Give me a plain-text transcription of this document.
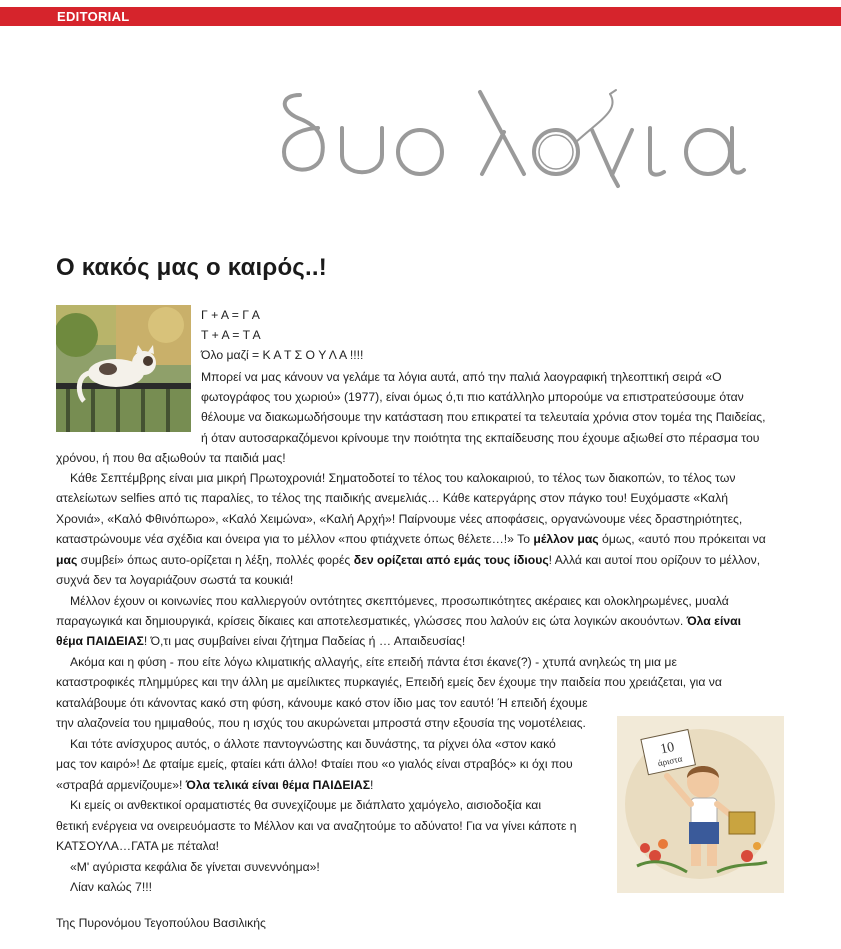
EDITORIAL
δυο λόγια
Ο κακός μας ο καιρός..!
10
άριστα

Γ + Α = Γ Α

Τ + Α = Τ Α

Όλο μαζί = Κ Α Τ Σ Ο Υ Λ Α !!!!

Μπορεί να μας κάνουν να γελάμε τα λόγια αυτά, από την παλιά λαογραφική τηλεοπτική σειρά «Ο

φωτογράφος του χωριού» (1977), είναι όμως ό,τι πιο κατάλληλο μπορούμε να επιστρατεύσουμε όταν

θέλουμε να διακωμωδήσουμε την κατάσταση που επικρατεί τα τελευταία χρόνια στον τομέα της Παιδείας,

ή όταν αυτοσαρκαζόμενοι κρίνουμε την ποιότητα της εκπαίδευσης που έχουμε αξιωθεί στο πέρασμα του

χρόνου, ή που θα αξιωθούν τα παιδιά μας!

Κάθε Σεπτέμβρης είναι μια μικρή Πρωτοχρονιά! Σηματοδοτεί το τέλος του καλοκαιριού, το τέλος των διακοπών, το τέλος των

ατελείωτων selfies από τις παραλίες, το τέλος της παιδικής ανεμελιάς… Κάθε κατεργάρης στον πάγκο του! Ευχόμαστε «Καλή

Χρονιά», «Καλό Φθινόπωρο», «Καλό Χειμώνα», «Καλή Αρχή»! Παίρνουμε νέες αποφάσεις, οργανώνουμε νέες δραστηριότητες,

καταστρώνουμε νέα σχέδια και όνειρα για το μέλλον «που φτιάχνετε όπως θέλετε…!» Το μέλλον μας όμως, «αυτό που πρόκειται να

μας συμβεί» όπως αυτο-ορίζεται η λέξη, πολλές φορές δεν ορίζεται από εμάς τους ίδιους! Αλλά και αυτοί που ορίζουν το μέλλον,

συχνά δεν τα λογαριάζουν σωστά τα κουκιά!

Μέλλον έχουν οι κοινωνίες που καλλιεργούν οντότητες σκεπτόμενες, προσωπικότητες ακέραιες και ολοκληρωμένες, μυαλά

παραγωγικά και δημιουργικά, κρίσεις δίκαιες και αποτελεσματικές, γλώσσες που λαλούν εις ώτα λογικών ακουόντων. Όλα είναι

θέμα ΠΑΙΔΕΙΑΣ! Ό,τι μας συμβαίνει είναι ζήτημα Παδείας ή … Απαιδευσίας!

Ακόμα και η φύση - που είτε λόγω κλιματικής αλλαγής, είτε επειδή πάντα έτσι έκανε(?) - χτυπά ανηλεώς τη μια με

καταστροφικές πλημμύρες και την άλλη με αμείλικτες πυρκαγιές, Επειδή εμείς δεν έχουμε την παιδεία που χρειάζεται, για να

καταλάβουμε ότι κάνοντας κακό στη φύση, κάνουμε κακό στον ίδιο μας τον εαυτό! Ή επειδή έχουμε

την αλαζονεία του ημιμαθούς, που η ισχύς του ακυρώνεται μπροστά στην εξουσία της νομοτέλειας.

Και τότε ανίσχυρος αυτός, ο άλλοτε παντογνώστης και δυνάστης, τα ρίχνει όλα «στον κακό

μας τον καιρό»! Δε φταίμε εμείς, φταίει κάτι άλλο! Φταίει που «ο γιαλός είναι στραβός» κι όχι που

«στραβά αρμενίζουμε»! Όλα τελικά είναι θέμα ΠΑΙΔΕΙΑΣ!

Κι εμείς οι ανθεκτικοί οραματιστές θα συνεχίζουμε με διάπλατο χαμόγελο, αισιοδοξία και

θετική ενέργεια να ονειρευόμαστε το Μέλλον και να αναζητούμε το αδύνατο! Για να γίνει κάποτε η

ΚΑΤΣΟΥΛΑ…ΓΑΤΑ με πέταλα!

«Μ' αγύριστα κεφάλια δε γίνεται συνεννόημα»!

Λίαν καλώς 7!!!

Της Πυρονόμου Τεγοπούλου Βασιλικής
